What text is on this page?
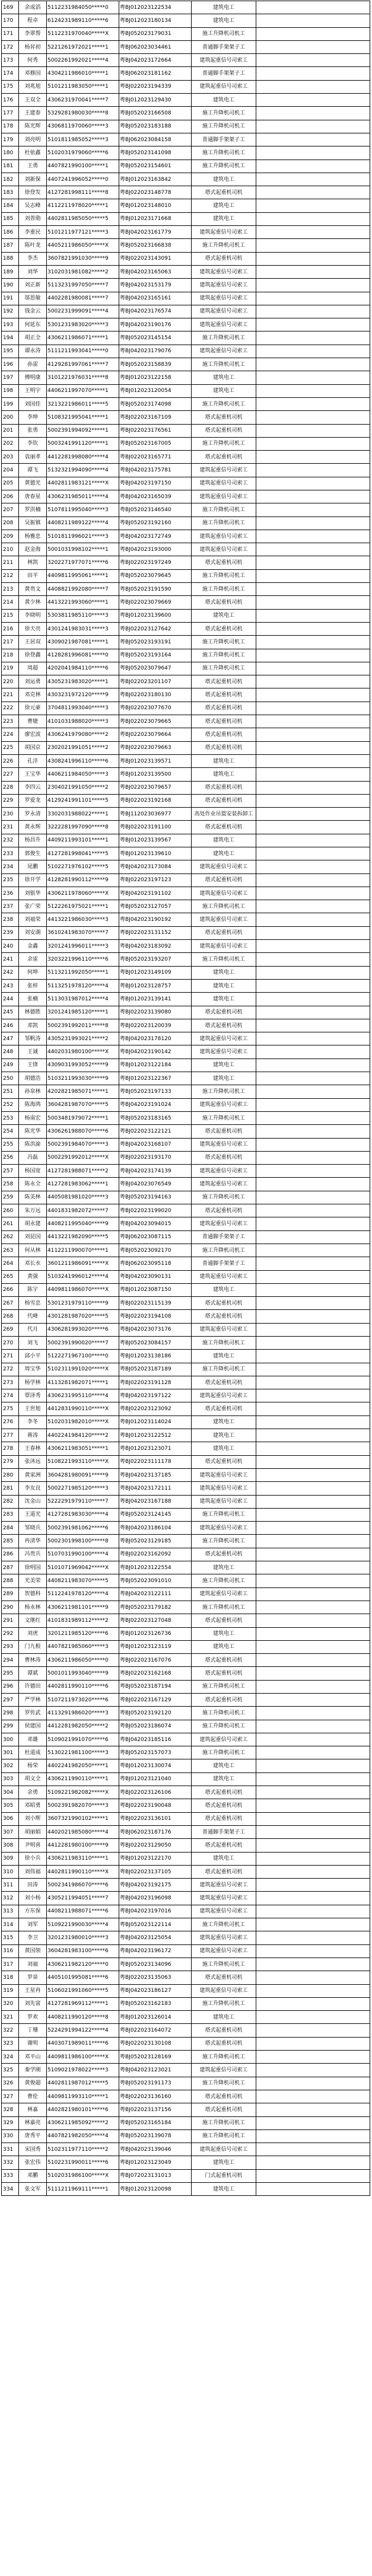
169	余成滔	5112231984050*****0	粤BJ012023122534	建筑电工	
170	程卓	6124231989110*****6	粤BJ012023180134	建筑电工	
171	李翠帮	5112231970040*****X	粤BJ052023179031	施工升降机司机工	
172	杨昇初	5221261972021*****1	粤BJ062023034461	普通脚手架架子工	
173	何秀	5002261992021*****4	粤BJ042023172664	建筑起重信号司索工	
174	邓修国	4304211986010*****1	粤BJ062023181162	普通脚手架架子工	
175	刘兆旭	5101211983050*****1	粤BJ022023194339	建筑起重信号司索工	
176	王双全	4306231970041*****7	粤BJ012023129430	建筑电工	
177	王建春	5329281980030*****8	粤BJ052023166508	施工升降机司机工	
178	陈光辉	4306811970060*****3	粤BJ052023183188	施工升降机司机工	
179	刘亮明	5101811985052*****3	粤BJ062023084158	普通脚手架架子工	
180	杜依鑫	5102031979060*****6	粤BJ052023141098	施工升降机司机工	
181	王勇	4407821990100*****1	粤BJ052023154601	施工升降机司机工	
182	刘新保	4407241996052*****0	粤BJ012023163842	建筑电工	
183	徐登发	4127281998111*****8	粤BJ022023148778	塔式起重机司机	
184	吴志峰	4112211978020*****1	粤BJ012023148010	建筑电工	
185	刘普勋	4402811985050*****5	粤BJ012023171668	建筑电工	
186	李重民	5101211977121*****3	粤BJ042023161779	建筑起重信号司索工	
187	陈叶龙	4405211986050*****X	粤BJ052023166838	施工升降机司机工	
188	李杰	3607821991030*****9	粤BJ022023143091	塔式起重机司机	
189	刘华	3102031981082*****2	粤BJ042023165063	建筑起重信号司索工	
190	刘正新	5113231997050*****7	粤BJ042023153179	建筑起重信号司索工	
191	邬思敏	4402281980081*****7	粤BJ042023165161	建筑起重信号司索工	
192	钱金云	5002231999091*****4	粤BJ042023176574	建筑起重信号司索工	
193	何延东	5301231983020*****3	粤BJ042023190176	建筑起重信号司索工	
194	胡正全	4306211986071*****1	粤BJ052023145154	施工升降机司机工	
195	谭永涛	5111211993041*****0	粤BJ042023179076	建筑起重信号司索工	
196	孙雷	4129281997061*****7	粤BJ052023158839	施工升降机司机工	
197	傅明康	3101221976031*****8	粤BJ012023122158	建筑电工	
198	王明宇	4406211997070*****1	粤BJ012023120054	建筑电工	
199	刘国佳	3213221986011*****5	粤BJ052023174098	施工升降机司机工	
200	李坤	5108321995041*****1	粤BJ022023167109	塔式起重机司机	
201	张勇	5002391994092*****1	粤BJ022023176561	塔式起重机司机	
202	李钦	5003241991120*****1	粤BJ052023167005	施工升降机司机工	
203	袁丽孝	4412281998080*****4	粤BJ022023165771	塔式起重机司机	
204	谭飞	5132321994090*****4	粤BJ042023175781	建筑起重信号司索工	
205	黄德光	4402811983121*****X	粤BJ042023197150	建筑起重信号司索工	
206	唐春星	4306231985011*****4	粤BJ042023165039	建筑起重信号司索工	
207	罗洪楠	5107811995040*****3	粤BJ052023146540	施工升降机司机工	
208	吴振镇	4408211989122*****4	粤BJ052023192160	施工升降机司机工	
209	杨雅忠	5101811996021*****3	粤BJ042023172749	建筑起重信号司索工	
210	赵金海	5001031998102*****1	粤BJ042023193000	建筑起重信号司索工	
211	林凯	3202271977071*****6	粤BJ022023197249	塔式起重机司机	
212	田平	4409811995061*****1	粤BJ052023079645	施工升降机司机工	
213	黄贵文	4408821992080*****7	粤BJ052023191590	施工升降机司机工	
214	黄少林	4413221993060*****1	粤BJ022023079669	塔式起重机司机	
215	李晓明	5303811985110*****3	粤BJ012023139600	建筑电工	
216	徐天亮	4301241983031*****3	粤BJ022023127642	塔式起重机司机	
217	王居双	4309021987081*****1	粤BJ052023193191	施工升降机司机工	
218	徐登鑫	4128281996081*****0	粤BJ052023193164	施工升降机司机工	
219	周超	4202041984110*****6	粤BJ052023079647	施工升降机司机工	
220	刘运勇	4305231983020*****1	粤BJ022023201107	塔式起重机司机	
221	邓克林	4303231972120*****9	粤BJ022023180130	塔式起重机司机	
222	徐元豪	3704811993040*****3	粤BJ022023077670	塔式起重机司机	
223	曹婕	4101031988020*****3	粤BJ022023079665	塔式起重机司机	
224	廖宏波	4306241979080*****2	粤BJ022023079664	塔式起重机司机	
225	胡国京	2302021991051*****2	粤BJ022023079663	塔式起重机司机	
226	孔洋	4308241996110*****6	粤BJ012023139571	建筑电工	
227	王宝华	4406211984050*****3	粤BJ012023139500	建筑电工	
228	李四云	2304021991050*****2	粤BJ022023079657	塔式起重机司机	
229	罗爱龙	4129241991101*****5	粤BJ022023192168	塔式起重机司机	
230	罗永清	3302031988022*****1	粤BJ112023036977	高处作业吊篮安装拆卸工	
231	黄永辉	3222281997090*****8	粤BJ022023191100	塔式起重机司机	
232	杨昌升	4409211993101*****1	粤BJ012023139567	建筑电工	
233	郭俊生	4127281998041*****5	粤BJ012023139610	建筑电工	
234	尾鹏	5102271976102*****5	粤BJ042023173084	建筑起重信号司索工	
235	徐开学	4128281990112*****9	粤BJ022023197123	塔式起重机司机	
236	刘银华	4306211978060*****X	粤BJ042023191102	建筑起重信号司索工	
237	张广荣	5122261975021*****1	粤BJ052023127057	施工升降机司机工	
238	刘福荣	4413221986030*****3	粤BJ042023190192	建筑起重信号司索工	
239	刘安湖	3610241983070*****7	粤BJ022023131152	塔式起重机司机	
240	金鑫	3201241996011*****3	粤BJ042023183092	建筑起重信号司索工	
241	余雷	3203221996110*****6	粤BJ052023193207	施工升降机司机工	
242	何坤	5113211992050*****1	粤BJ012023149109	建筑电工	
243	张梓	5113251978120*****4	粤BJ012023128757	建筑电工	
244	张楠	5113031987012*****4	粤BJ012023139141	建筑电工	
245	林德胜	3201241985120*****1	粤BJ022023139080	塔式起重机司机	
246	邓凯	5002391992011*****8	粤BJ022023120039	塔式起重机司机	
247	邹帆涛	4305231993021*****2	粤BJ042023178120	建筑起重信号司索工	
248	王诚	4402031980100*****X	粤BJ042023190142	建筑起重信号司索工	
249	王锋	4309031993052*****9	粤BJ012023122184	建筑电工	
250	胡德浩	5103211993030*****9	粤BJ012023122367	建筑电工	
251	孙泉林	4202821985071*****1	粤BJ052023197133	施工升降机司机工	
252	陈海鸿	3604281987070*****5	粤BJ042023191024	建筑起重信号司索工	
253	杨南宏	5003481979072*****1	粤BJ052023183165	施工升降机司机工	
254	陈光华	4306261988070*****6	粤BJ022023122121	塔式起重机司机	
255	陈洪渝	5002391984070*****3	粤BJ042023168107	建筑起重信号司索工	
256	冯磊	5002291992012*****X	粤BJ022023193170	塔式起重机司机	
257	杨国宽	4127281988071*****2	粤BJ042023174139	建筑起重信号司索工	
258	陈永全	4127281983062*****1	粤BJ042023076549	建筑起重信号司索工	
259	陈美林	4405081981020*****3	粤BJ052023194163	施工升降机司机工	
260	朱万远	4401831982072*****7	粤BJ022023199020	塔式起重机司机	
261	胡永建	4408211995040*****9	粤BJ042023094015	建筑起重信号司索工	
262	刘昆国	4413221982090*****5	粤BJ062023087115	普通脚手架架子工	
263	何从林	4112211990070*****1	粤BJ052023092170	施工升降机司机工	
264	邓长水	3601211986091*****X	粤BJ062023095118	普通脚手架架子工	
265	黄强	5103241996012*****4	粤BJ042023090131	建筑起重信号司索工	
266	陈宇	4409811986070*****X	粤BJ012023087150	建筑电工	
267	杨雪忠	5301231979110*****9	粤BJ022023115139	塔式起重机司机	
268	代峰	4301281987020*****5	粤BJ022023194108	塔式起重机司机	
269	代月	4306281993020*****6	粤BJ042023073176	建筑起重信号司索工	
270	刘飞	5002391990020*****7	粤BJ052023084157	施工升降机司机工	
271	邱小平	5122271967100*****0	粤BJ012023138186	建筑电工	
272	周宝华	5102311991020*****X	粤BJ052023187189	施工升降机司机工	
273	杨学林	4113281982071*****1	粤BJ022023191128	塔式起重机司机	
274	覃泽秀	4306231995110*****4	粤BJ042023197122	建筑起重信号司索工	
275	王世旭	4412831990110*****X	粤BJ022023123092	塔式起重机司机	
276	李冬	5102031982010*****X	粤BJ012023114024	建筑电工	
277	蒋涛	4402241984120*****2	粤BJ012023122512	建筑电工	
278	王春林	4306211983051*****1	粤BJ012023123071	建筑电工	
279	张沐远	5108221993110*****X	粤BJ022023111178	塔式起重机司机	
280	黄家洲	3604281980091*****9	粤BJ042023137185	建筑起重信号司索工	
281	李友良	5002271985120*****3	粤BJ042023172111	建筑起重信号司索工	
282	沈金山	5222291979110*****7	粤BJ042023167188	建筑起重信号司索工	
283	王道光	4127281983030*****4	粤BJ052023124145	施工升降机司机工	
284	邹晓兵	5002391981062*****6	粤BJ042023186104	建筑起重信号司索工	
285	冉清华	5002301998100*****8	粤BJ052023129185	施工升降机司机工	
286	冯贵兵	5107031990100*****4	粤BJ022023162092	塔式起重机司机	
287	徐明国	5101071969042*****X	粤BJ012023122554	建筑电工	
288	光美荣	4408211983070*****5	粤BJ052023091010	施工升降机司机工	
289	贺德科	5112241978120*****4	粤BJ042023122111	建筑起重信号司索工	
290	杨永林	4306211981101*****9	粤BJ052023179182	施工升降机司机工	
291	文继红	4101831989112*****2	粤BJ022023127048	塔式起重机司机	
292	刘虎	3201211985120*****6	粤BJ012023126736	建筑电工	
293	门九根	4407821985060*****3	粤BJ012023123119	建筑电工	
294	曹林涛	4306211986050*****0	粤BJ022023167076	塔式起重机司机	
295	谭斌	5001011993040*****9	粤BJ022023162168	塔式起重机司机	
296	许德田	4402811990110*****6	粤BJ052023187194	施工升降机司机工	
297	严学林	5107211973020*****6	粤BJ022023167129	塔式起重机司机	
298	罗传武	4113291986020*****3	粤BJ052023192120	施工升降机司机工	
299	侯建国	4412281982050*****2	粤BJ052023186074	施工升降机司机工	
300	邓雄	5109021991070*****6	粤BJ042023185116	建筑起重信号司索工	
301	杜道成	5130221981100*****3	粤BJ052023157073	施工升降机司机工	
302	杨荣	4402241982050*****1	粤BJ012023130074	建筑电工	
303	胡文全	4306211990110*****1	粤BJ012023121040	建筑电工	
304	余勇	5109221982082*****X	粤BJ022023126106	塔式起重机司机	
305	邓昭勇	5002391982070*****3	粤BJ022023190048	塔式起重机司机	
306	刘小辉	3607321990102*****1	粤BJ022023136101	塔式起重机司机	
307	胡丽娟	4402021985080*****4	粤BJ062023187176	普通脚手架架子工	
308	尹明喜	4412281980100*****9	粤BJ022023129050	塔式起重机司机	
309	徐小兵	4306211983110*****1	粤BJ012023122170	建筑电工	
310	刘伟福	4402811990110*****X	粤BJ022023137105	塔式起重机司机	
311	田涛	5002341986070*****6	粤BJ042023192175	建筑起重信号司索工	
312	刘小杨	4305211994051*****7	粤BJ042023196098	建筑起重信号司索工	
313	方东保	4408211988071*****6	粤BJ042023197016	建筑起重信号司索工	
314	刘军	5109221990030*****4	粤BJ052023122114	施工升降机司机工	
315	李卫	3201231980010*****3	粤BJ042023125054	建筑起重信号司索工	
316	黄国领	3604281983100*****6	粤BJ042023196172	建筑起重信号司索工	
317	刘福	4306211982120*****0	粤BJ052023134096	施工升降机司机工	
318	罗泉	4405101995081*****6	粤BJ022023135063	塔式起重机司机	
319	王星冉	5106021991060*****5	粤BJ042023186127	建筑起重信号司索工	
320	刘先富	4127281969112*****1	粤BJ052023162183	施工升降机司机工	
321	罗欢	4408211990120*****8	粤BJ012023126014	建筑电工	
322	丁珊	5224291994122*****4	粤BJ022023164072	塔式起重机司机	
323	谢明	4403071989011*****6	粤BJ022023130108	塔式起重机司机	
324	邓平山	4409811986100*****X	粤BJ052023128169	施工升降机司机工	
325	秦学刚	5109021978022*****3	粤BJ042023123021	建筑起重信号司索工	
326	黄俊超	4402811987012*****5	粤BJ052023191173	施工升降机司机工	
327	曹伦	4409811993110*****1	粤BJ022023136160	塔式起重机司机	
328	林嘉	4402821980101*****6	粤BJ022023137156	塔式起重机司机	
329	林嘉亮	4306211985092*****2	粤BJ052023165184	施工升降机司机工	
330	唐秀平	4407821982050*****4	粤BJ052023139078	施工升降机司机工	
331	宋国秀	5102311977110*****2	粤BJ042023139046	建筑起重信号司索工	
332	张宏伟	5102231990011*****6	粤BJ012023123049	建筑电工	
333	邓鹏	5102031986100*****X	粤BJ072023131013	门式起重机司机	
334	张文军	5111211969111*****1	粤BJ012023120098	建筑电工	
